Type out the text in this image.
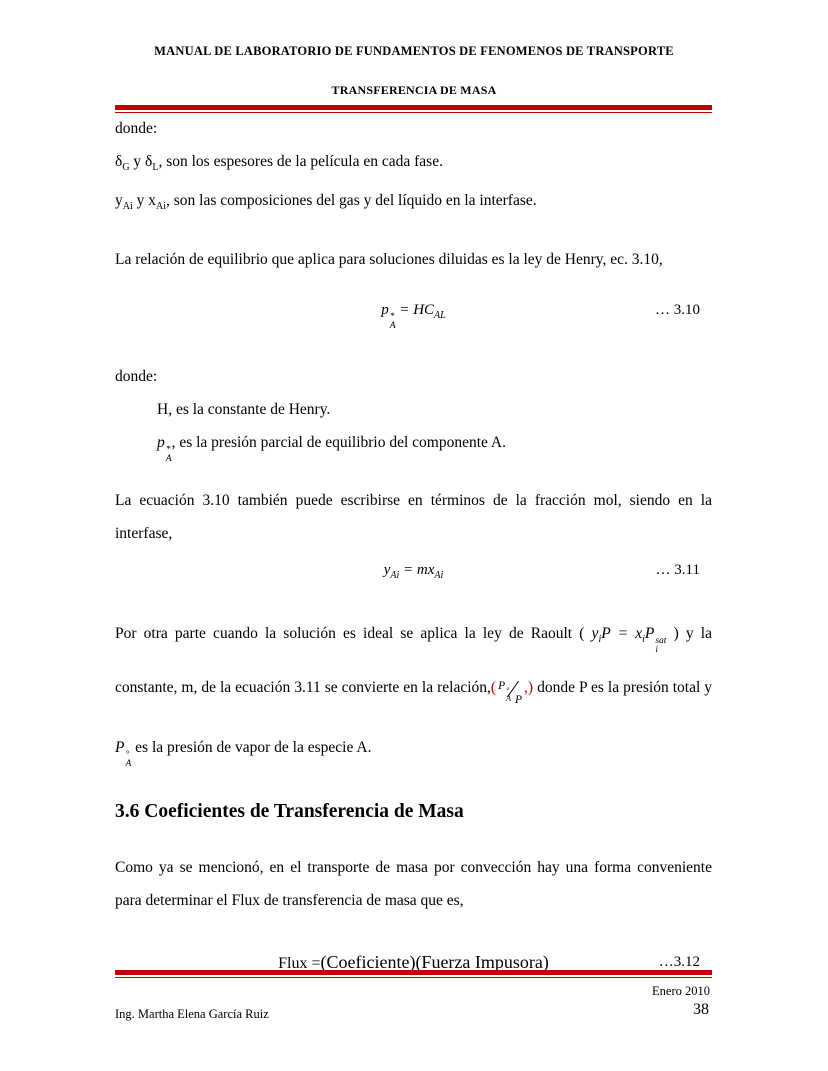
MANUAL DE LABORATORIO DE FUNDAMENTOS DE FENOMENOS DE TRANSPORTE
TRANSFERENCIA DE MASA

donde:

$\delta_G$ y $\delta_L$, son los espesores de la película en cada fase.

$y_{Ai}$ y $x_{Ai}$, son las composiciones del gas y del líquido en la interfase.

La relación de equilibrio que aplica para soluciones diluidas es la ley de Henry, ec. 3.10,

p *
A
= $HC_{AL}$	… 3.10

donde:

H, es la constante de Henry.

p *
A
, es la presión parcial de equilibrio del componente A.

La ecuación 3.10 también puede escribirse en términos de la fracción mol, siendo en la interfase,

$y_{Ai} = mx_{Ai}$	… 3.11

Por otra parte cuando la solución es ideal se aplica la ley de Raoult ( $y_iP = x_iP$ sat
i
) y la constante, m, de la ecuación 3.11 se convierte en la relación,( $^{P ^\circ A}$ $⁄_P$,) donde P es la presión total y P °
A
es la presión de vapor de la especie A.

3.6 Coeficientes de Transferencia de Masa

Como ya se mencionó, en el transporte de masa por convección hay una forma conveniente para determinar el Flux de transferencia de masa que es,

Flux =(Coeficiente)(Fuerza Impusora)	…3.12
Enero 2010
Ing. Martha Elena García Ruiz	38
